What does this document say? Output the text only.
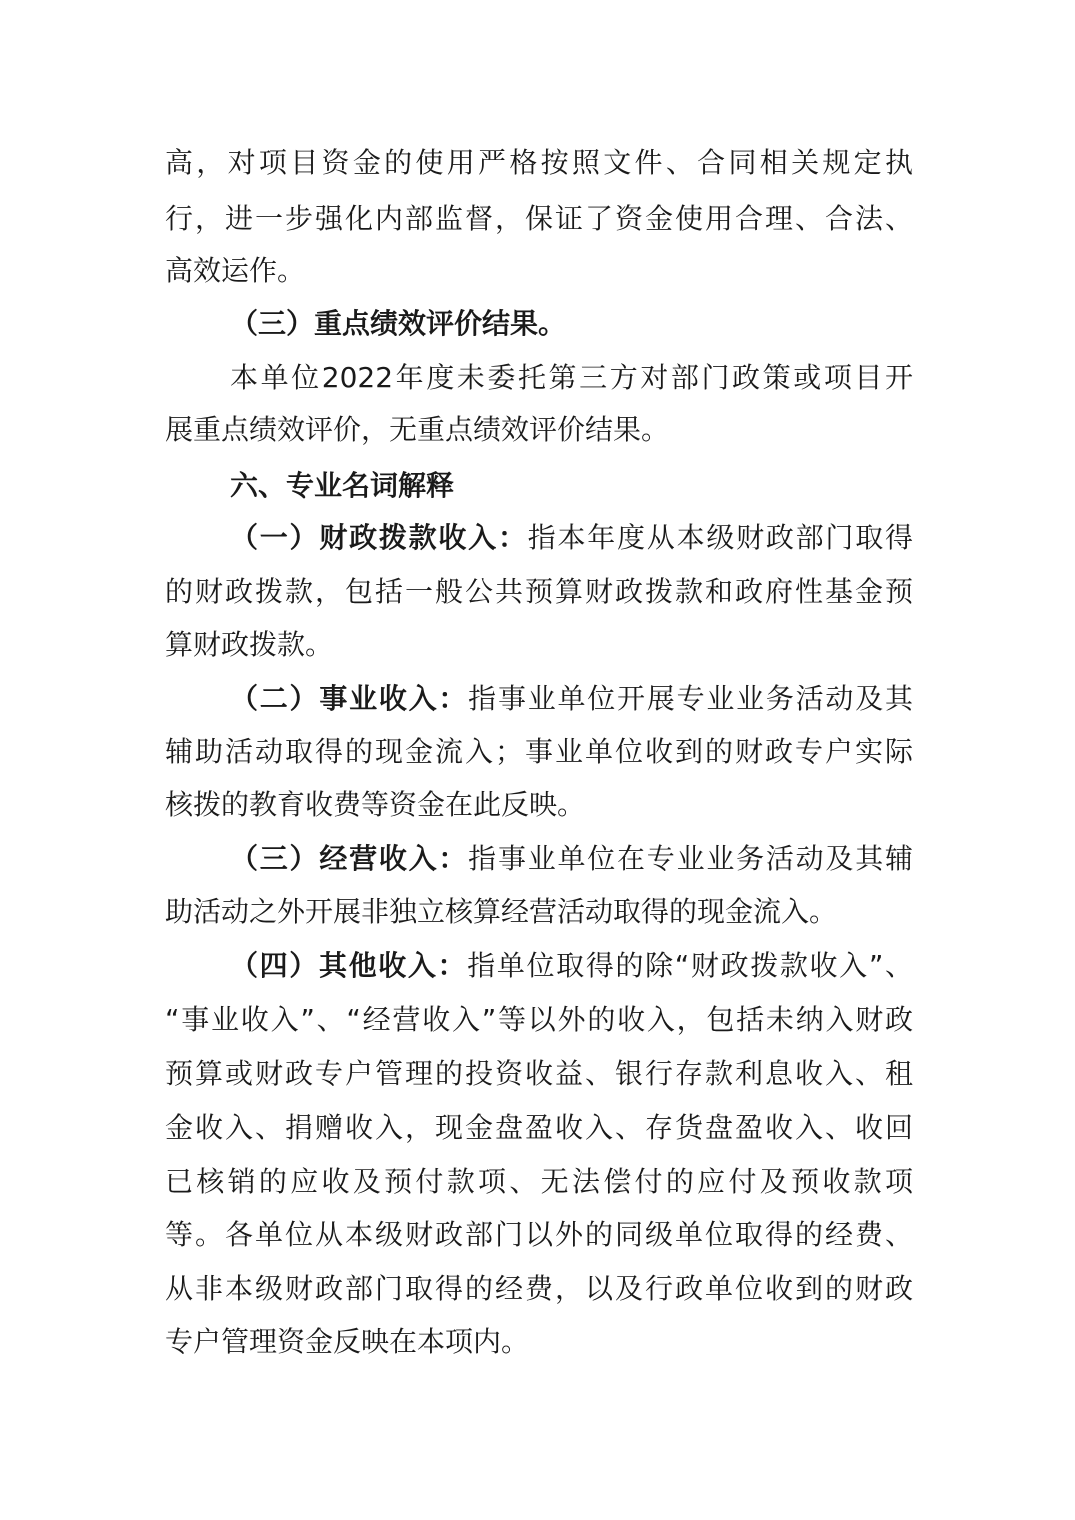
高，对项目资金的使用严格按照文件、合同相关规定执
行，进一步强化内部监督，保证了资金使用合理、合法、
高效运作。
（三）重点绩效评价结果。
本单位2022年度未委托第三方对部门政策或项目开
展重点绩效评价，无重点绩效评价结果。
六、专业名词解释
（一）财政拨款收入：指本年度从本级财政部门取得
的财政拨款，包括一般公共预算财政拨款和政府性基金预
算财政拨款。
（二）事业收入：指事业单位开展专业业务活动及其
辅助活动取得的现金流入；事业单位收到的财政专户实际
核拨的教育收费等资金在此反映。
（三）经营收入：指事业单位在专业业务活动及其辅
助活动之外开展非独立核算经营活动取得的现金流入。
（四）其他收入：指单位取得的除“财政拨款收入”、
“事业收入”、“经营收入”等以外的收入，包括未纳入财政
预算或财政专户管理的投资收益、银行存款利息收入、租
金收入、捐赠收入，现金盘盈收入、存货盘盈收入、收回
已核销的应收及预付款项、无法偿付的应付及预收款项
等。各单位从本级财政部门以外的同级单位取得的经费、
从非本级财政部门取得的经费，以及行政单位收到的财政
专户管理资金反映在本项内。
